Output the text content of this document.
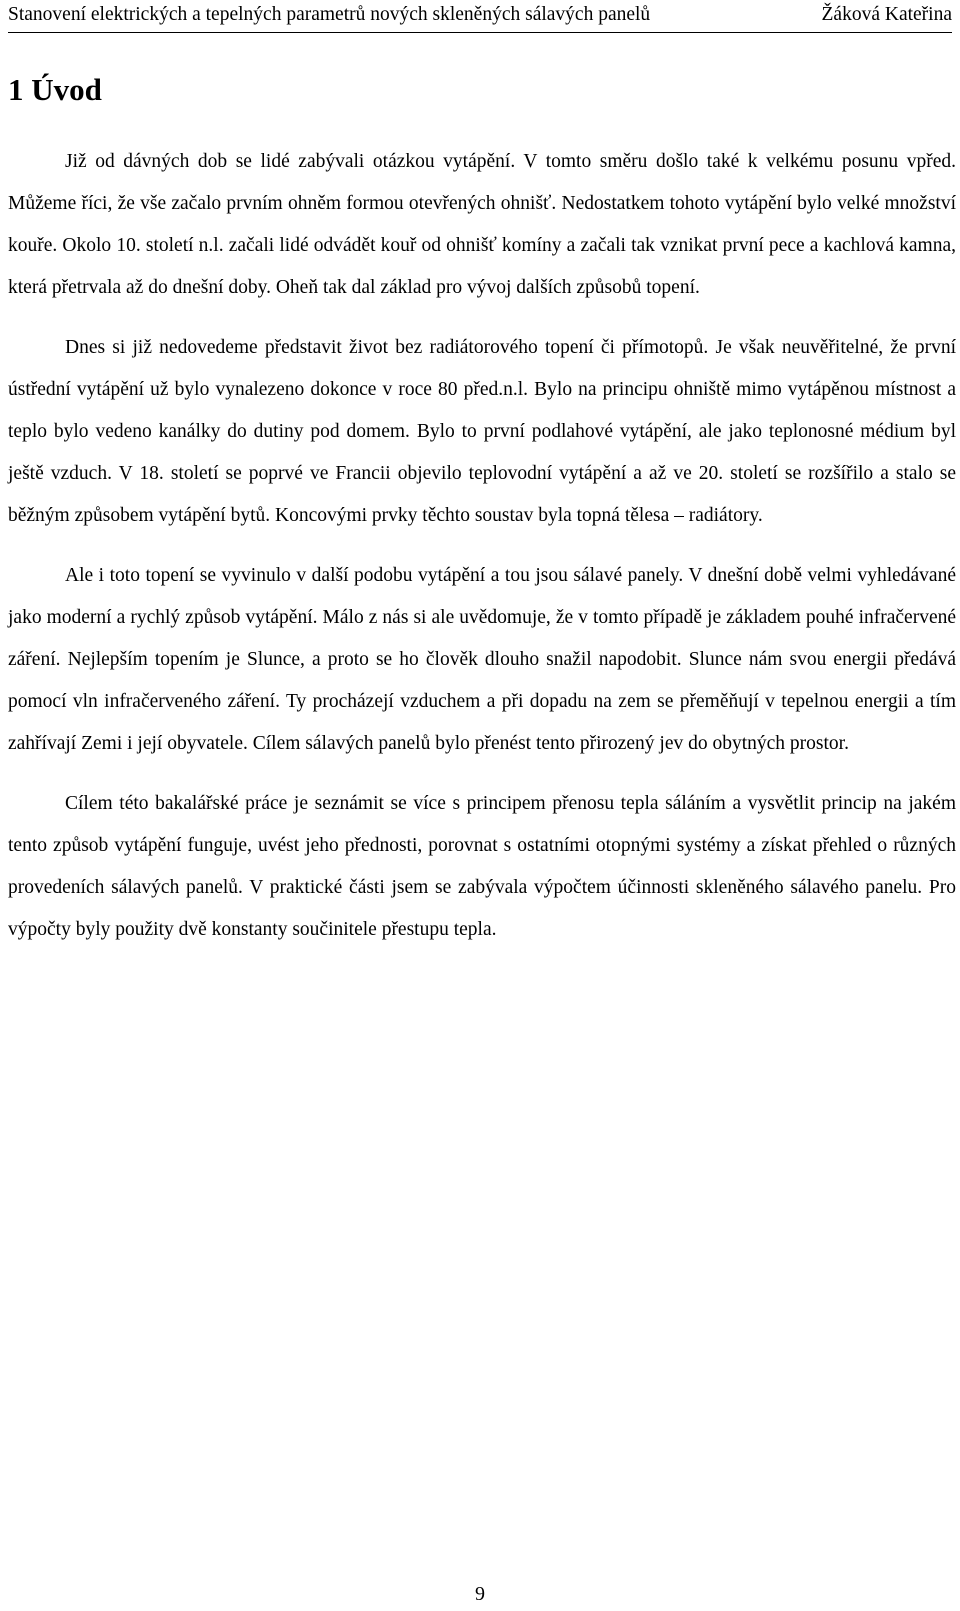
Stanovení elektrických a tepelných parametrů nových skleněných sálavých panelů	Žáková Kateřina
1 Úvod

Již od dávných dob se lidé zabývali otázkou vytápění. V tomto směru došlo také k velkému posunu vpřed. Můžeme říci, že vše začalo prvním ohněm formou otevřených ohnišť. Nedostatkem tohoto vytápění bylo velké množství kouře. Okolo 10. století n.l. začali lidé odvádět kouř od ohnišť komíny a začali tak vznikat první pece a kachlová kamna, která přetrvala až do dnešní doby. Oheň tak dal základ pro vývoj dalších způsobů topení.

Dnes si již nedovedeme představit život bez radiátorového topení či přímotopů. Je však neuvěřitelné, že první ústřední vytápění už bylo vynalezeno dokonce v roce 80 před.n.l. Bylo na principu ohniště mimo vytápěnou místnost a teplo bylo vedeno kanálky do dutiny pod domem. Bylo to první podlahové vytápění, ale jako teplonosné médium byl ještě vzduch. V 18. století se poprvé ve Francii objevilo teplovodní vytápění a až ve 20. století se rozšířilo a stalo se běžným způsobem vytápění bytů. Koncovými prvky těchto soustav byla topná tělesa – radiátory.

Ale i toto topení se vyvinulo v další podobu vytápění a tou jsou sálavé panely. V dnešní době velmi vyhledávané jako moderní a rychlý způsob vytápění. Málo z nás si ale uvědomuje, že v tomto případě je základem pouhé infračervené záření. Nejlepším topením je Slunce, a proto se ho člověk dlouho snažil napodobit. Slunce nám svou energii předává pomocí vln infračerveného záření. Ty procházejí vzduchem a při dopadu na zem se přeměňují v tepelnou energii a tím zahřívají Zemi i její obyvatele. Cílem sálavých panelů bylo přenést tento přirozený jev do obytných prostor.

Cílem této bakalářské práce je seznámit se více s principem přenosu tepla sáláním a vysvětlit princip na jakém tento způsob vytápění funguje, uvést jeho přednosti, porovnat s ostatními otopnými systémy a získat přehled o různých provedeních sálavých panelů. V praktické části jsem se zabývala výpočtem účinnosti skleněného sálavého panelu. Pro výpočty byly použity dvě konstanty součinitele přestupu tepla.

9
